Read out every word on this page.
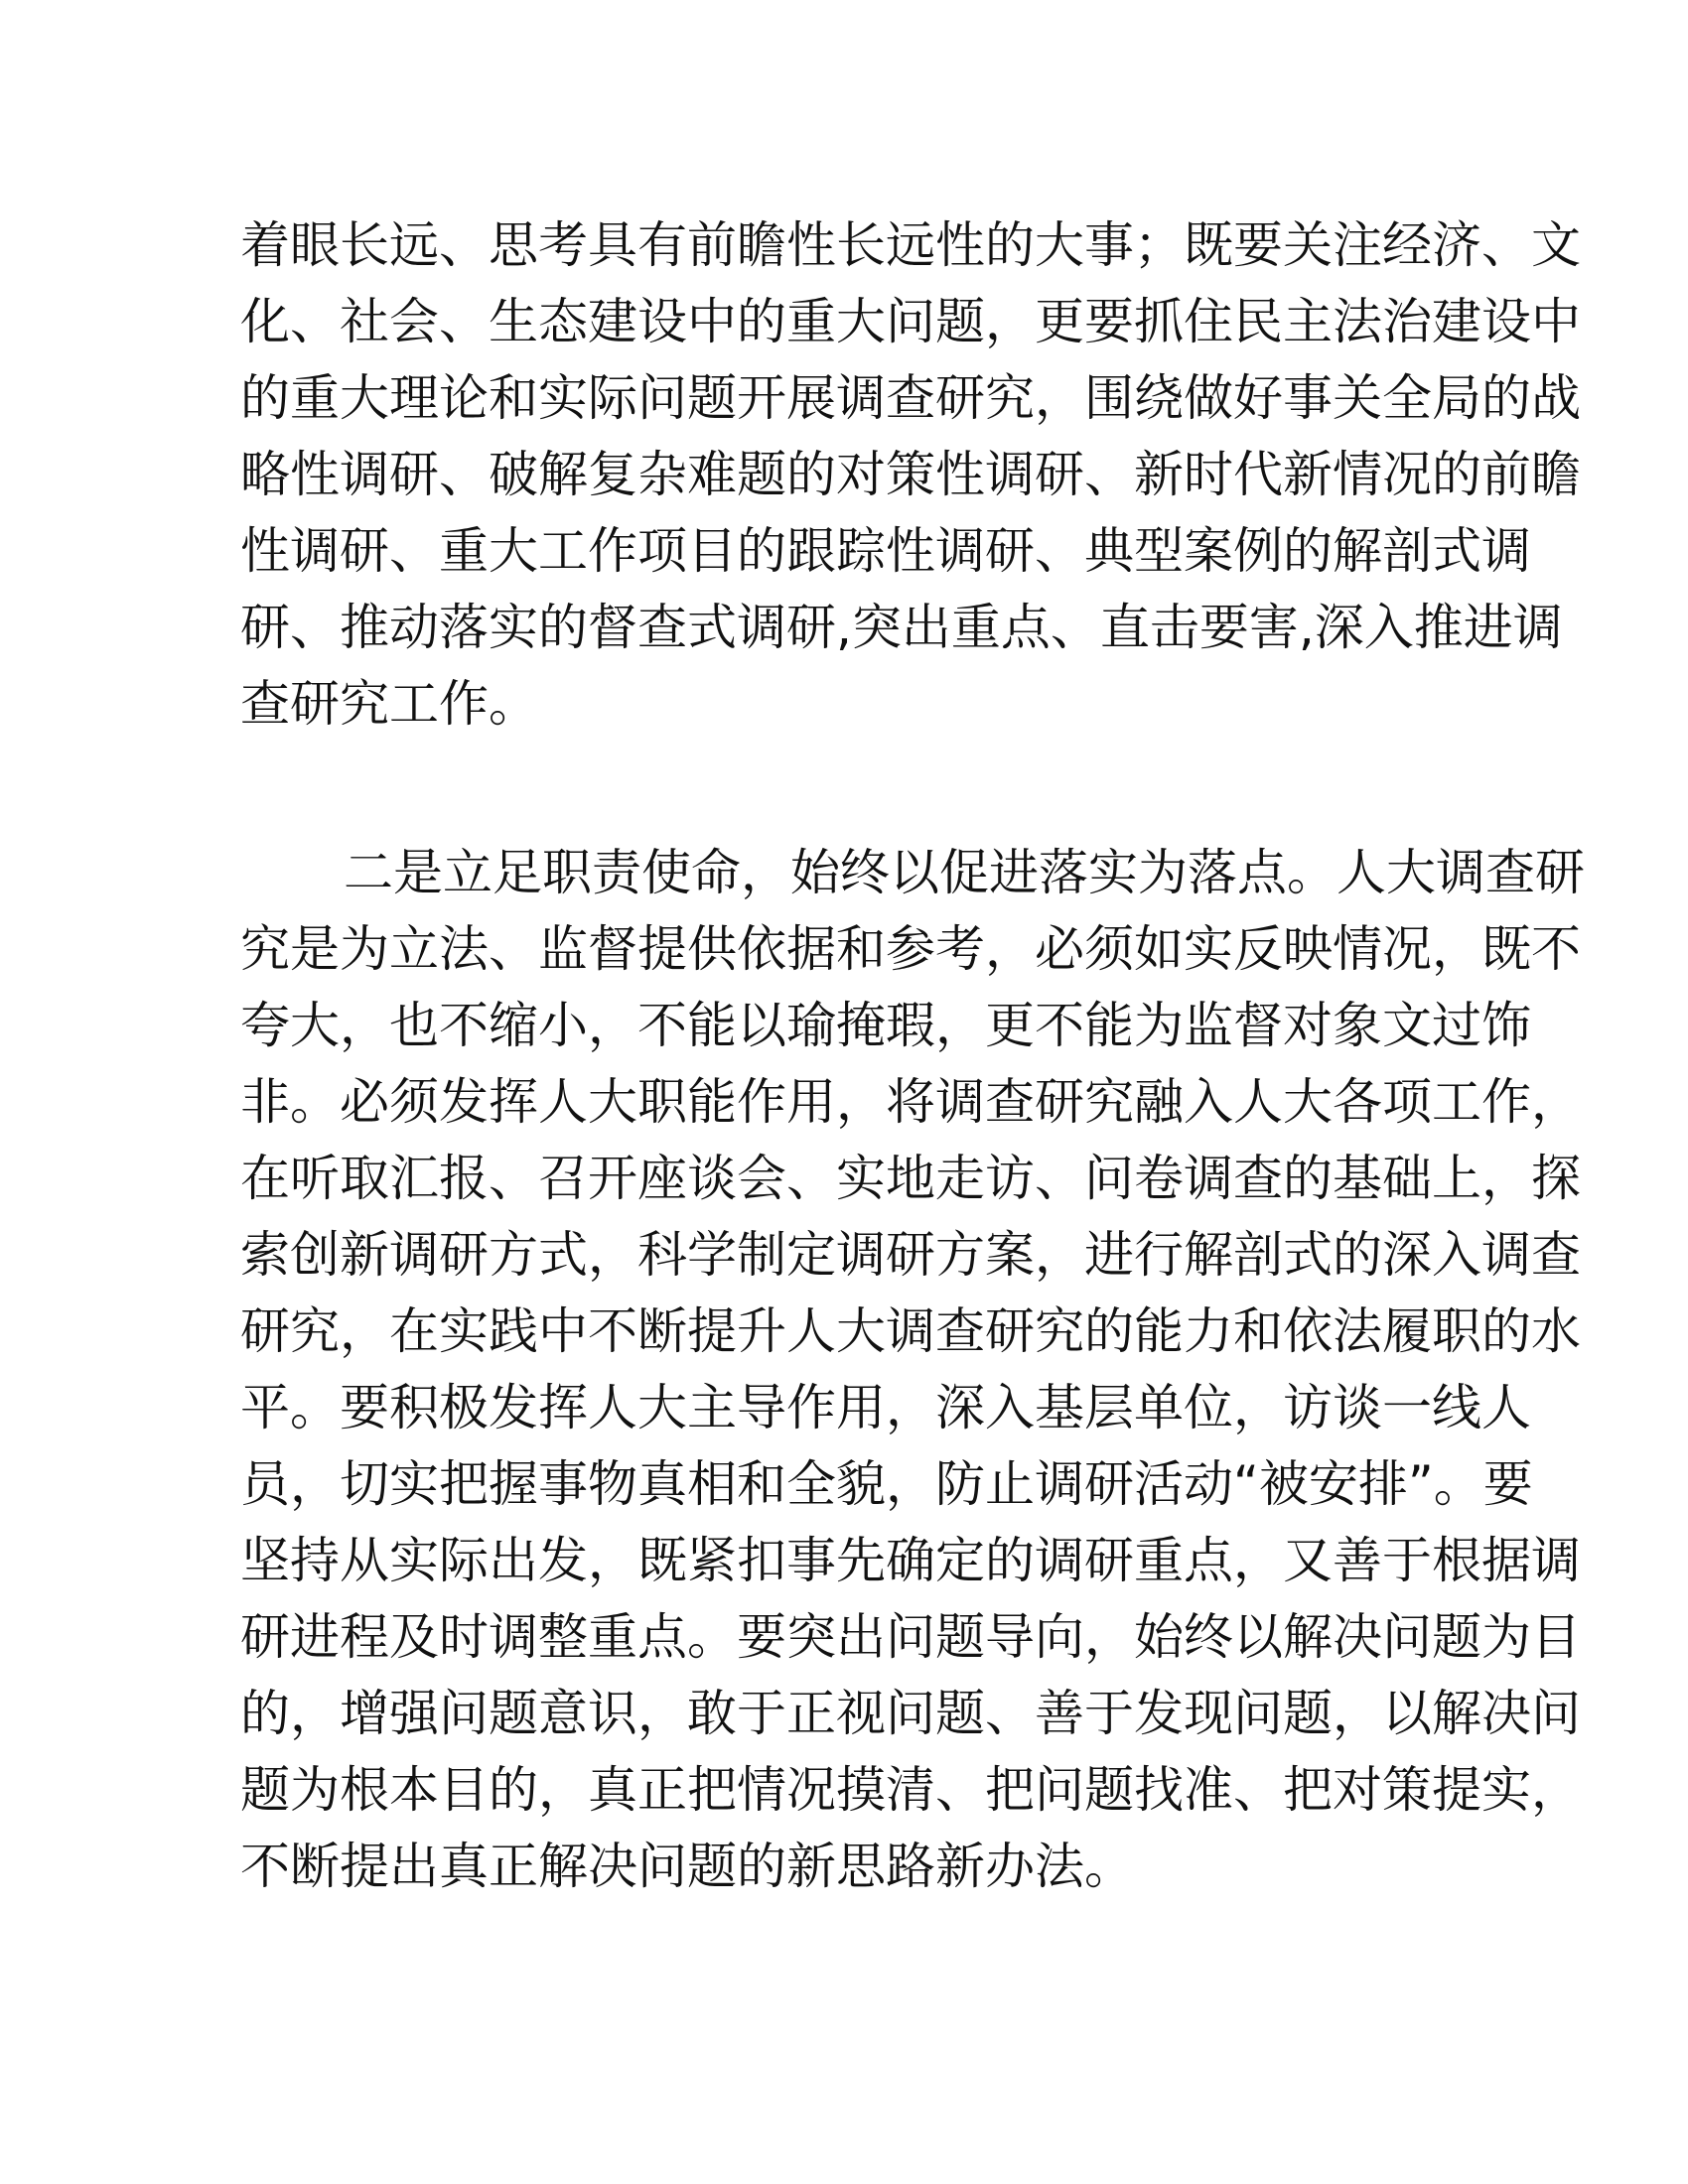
着眼长远、思考具有前瞻性长远性的大事；既要关注经济、文
化、社会、生态建设中的重大问题，更要抓住民主法治建设中
的重大理论和实际问题开展调查研究，围绕做好事关全局的战
略性调研、破解复杂难题的对策性调研、新时代新情况的前瞻
性调研、重大工作项目的跟踪性调研、典型案例的解剖式调
研、推动落实的督查式调研,突出重点、直击要害,深入推进调
查研究工作。
二是立足职责使命，始终以促进落实为落点。人大调查研
究是为立法、监督提供依据和参考，必须如实反映情况，既不
夸大，也不缩小，不能以瑜掩瑕，更不能为监督对象文过饰
非。必须发挥人大职能作用，将调查研究融入人大各项工作，
在听取汇报、召开座谈会、实地走访、问卷调查的基础上，探
索创新调研方式，科学制定调研方案，进行解剖式的深入调查
研究，在实践中不断提升人大调查研究的能力和依法履职的水
平。要积极发挥人大主导作用，深入基层单位，访谈一线人
员，切实把握事物真相和全貌，防止调研活动“被安排”。要
坚持从实际出发，既紧扣事先确定的调研重点，又善于根据调
研进程及时调整重点。要突出问题导向，始终以解决问题为目
的，增强问题意识，敢于正视问题、善于发现问题，以解决问
题为根本目的，真正把情况摸清、把问题找准、把对策提实，
不断提出真正解决问题的新思路新办法。
